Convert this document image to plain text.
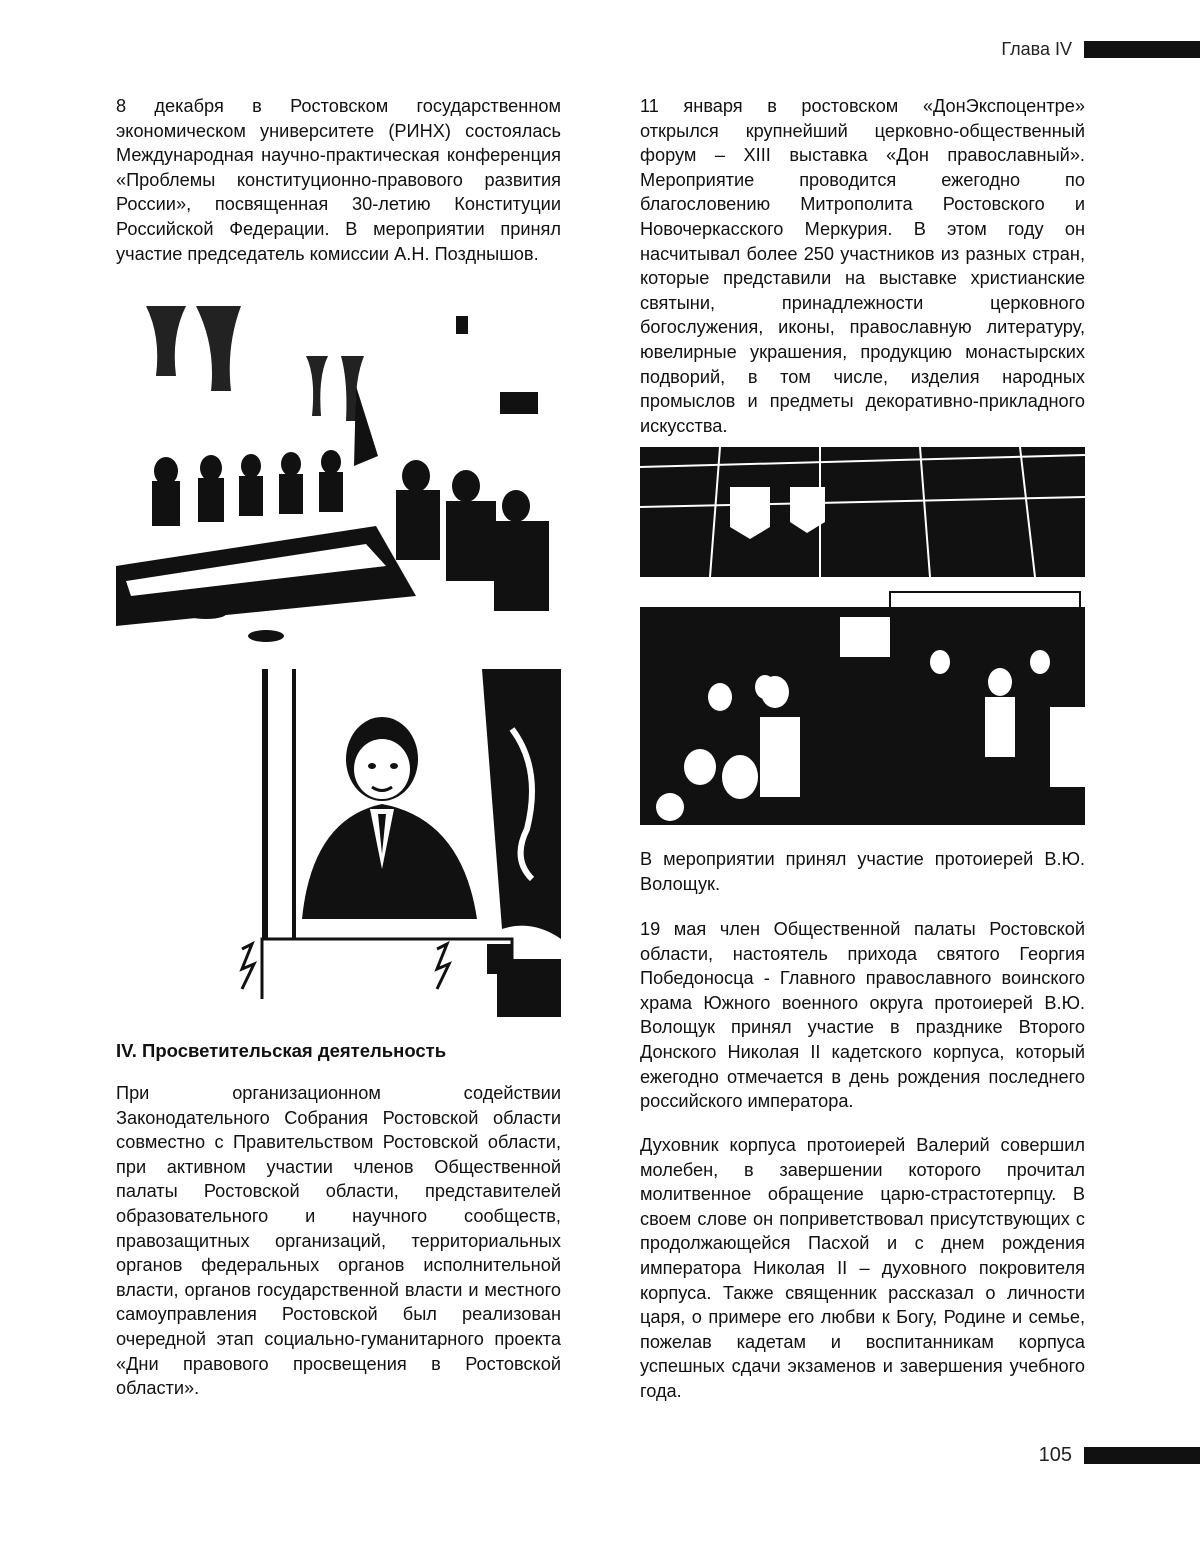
Глава IV

8 декабря в Ростовском государственном экономическом университете (РИНХ) состоялась Международная научно-практическая конференция «Проблемы конституционно-правового развития России», посвященная 30-летию Конституции Российской Федерации. В мероприятии принял участие председатель комиссии А.Н. Позднышов.

IV. Просветительская деятельность

При организационном содействии Законодательного Собрания Ростовской области совместно с Правительством Ростовской области, при активном участии членов Общественной палаты Ростовской области, представителей образовательного и научного сообществ, правозащитных организаций, территориальных органов федеральных органов исполнительной власти, органов государственной власти и местного самоуправления Ростовской был реализован очередной этап социально-гуманитарного проекта «Дни правового просвещения в Ростовской области».

11 января в ростовском «ДонЭкспоцентре» открылся крупнейший церковно-общественный форум – XIII выставка «Дон православный». Мероприятие проводится ежегодно по благословению Митрополита Ростовского и Новочеркасского Меркурия. В этом году он насчитывал более 250 участников из разных стран, которые представили на выставке христианские святыни, принадлежности церковного богослужения, иконы, православную литературу, ювелирные украшения, продукцию монастырских подворий, в том числе, изделия народных промыслов и предметы декоративно-прикладного искусства.

В мероприятии принял участие протоиерей В.Ю. Волощук.

19 мая член Общественной палаты Ростовской области, настоятель прихода святого Георгия Победоносца - Главного православного воинского храма Южного военного округа протоиерей В.Ю. Волощук принял участие в празднике Второго Донского Николая II кадетского корпуса, который ежегодно отмечается в день рождения последнего российского императора.

Духовник корпуса протоиерей Валерий совершил молебен, в завершении которого прочитал молитвенное обращение царю-страстотерпцу. В своем слове он поприветствовал присутствующих с продолжающейся Пасхой и с днем рождения императора Николая II – духовного покровителя корпуса. Также священник рассказал о личности царя, о примере его любви к Богу, Родине и семье, пожелав кадетам и воспитанникам корпуса успешных сдачи экзаменов и завершения учебного года.

105
